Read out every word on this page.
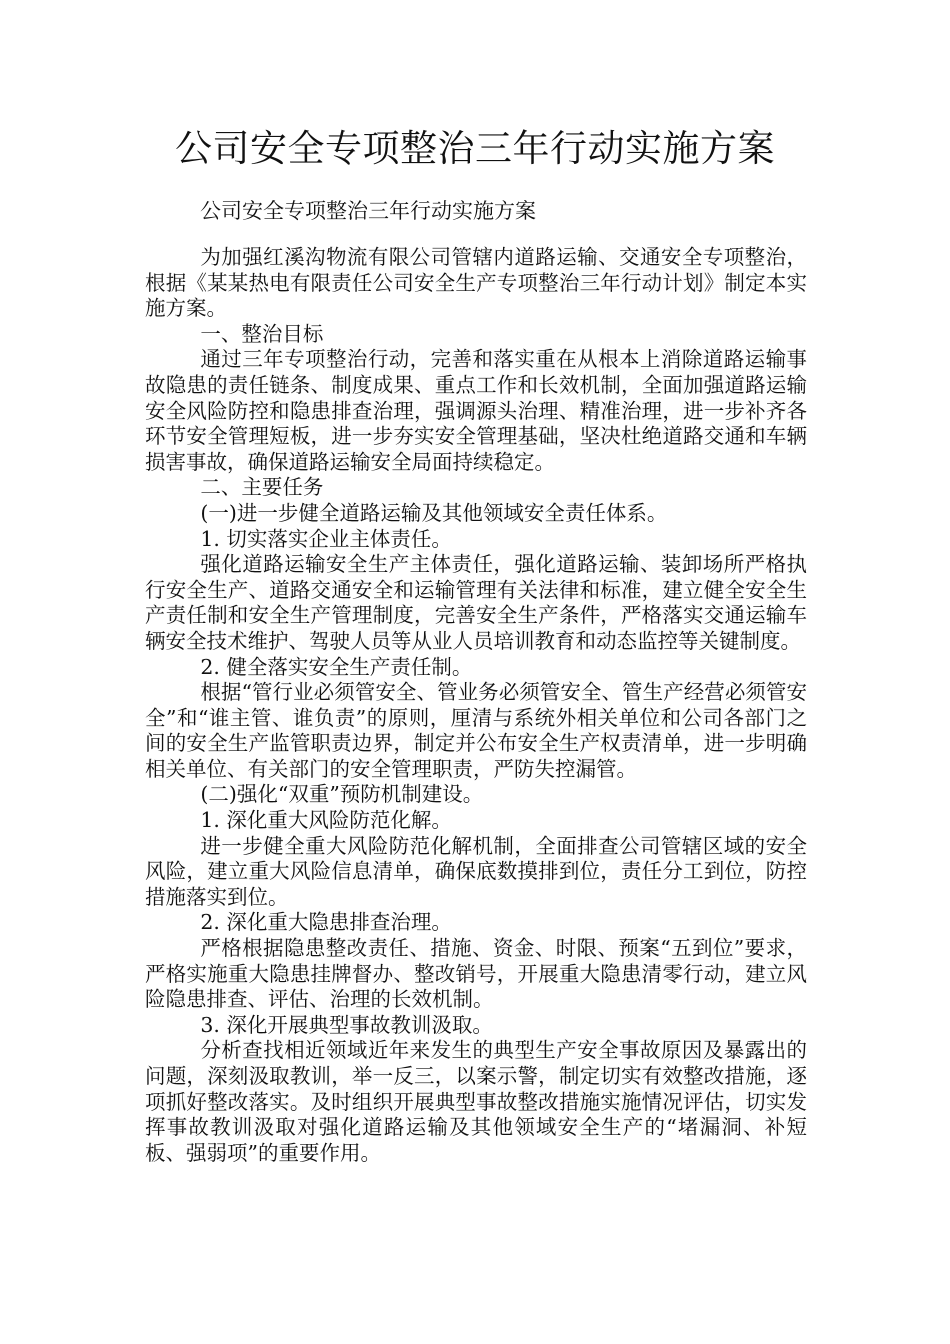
公司安全专项整治三年行动实施方案
公司安全专项整治三年行动实施方案

为加强红溪沟物流有限公司管辖内道路运输、交通安全专项整治，根据《某某热电有限责任公司安全生产专项整治三年行动计划》制定本实施方案。

一、整治目标

通过三年专项整治行动，完善和落实重在从根本上消除道路运输事故隐患的责任链条、制度成果、重点工作和长效机制，全面加强道路运输安全风险防控和隐患排查治理，强调源头治理、精准治理，进一步补齐各环节安全管理短板，进一步夯实安全管理基础，坚决杜绝道路交通和车辆损害事故，确保道路运输安全局面持续稳定。

二、主要任务

(一)进一步健全道路运输及其他领域安全责任体系。

1. 切实落实企业主体责任。

强化道路运输安全生产主体责任，强化道路运输、装卸场所严格执行安全生产、道路交通安全和运输管理有关法律和标准，建立健全安全生产责任制和安全生产管理制度，完善安全生产条件，严格落实交通运输车辆安全技术维护、驾驶人员等从业人员培训教育和动态监控等关键制度。

2. 健全落实安全生产责任制。

根据“管行业必须管安全、管业务必须管安全、管生产经营必须管安全”和“谁主管、谁负责”的原则，厘清与系统外相关单位和公司各部门之间的安全生产监管职责边界，制定并公布安全生产权责清单，进一步明确相关单位、有关部门的安全管理职责，严防失控漏管。

(二)强化“双重”预防机制建设。

1. 深化重大风险防范化解。

进一步健全重大风险防范化解机制，全面排查公司管辖区域的安全风险，建立重大风险信息清单，确保底数摸排到位，责任分工到位，防控措施落实到位。

2. 深化重大隐患排查治理。

严格根据隐患整改责任、措施、资金、时限、预案“五到位”要求，严格实施重大隐患挂牌督办、整改销号，开展重大隐患清零行动，建立风险隐患排查、评估、治理的长效机制。

3. 深化开展典型事故教训汲取。

分析查找相近领域近年来发生的典型生产安全事故原因及暴露出的问题，深刻汲取教训，举一反三，以案示警，制定切实有效整改措施，逐项抓好整改落实。及时组织开展典型事故整改措施实施情况评估，切实发挥事故教训汲取对强化道路运输及其他领域安全生产的“堵漏洞、补短板、强弱项”的重要作用。
